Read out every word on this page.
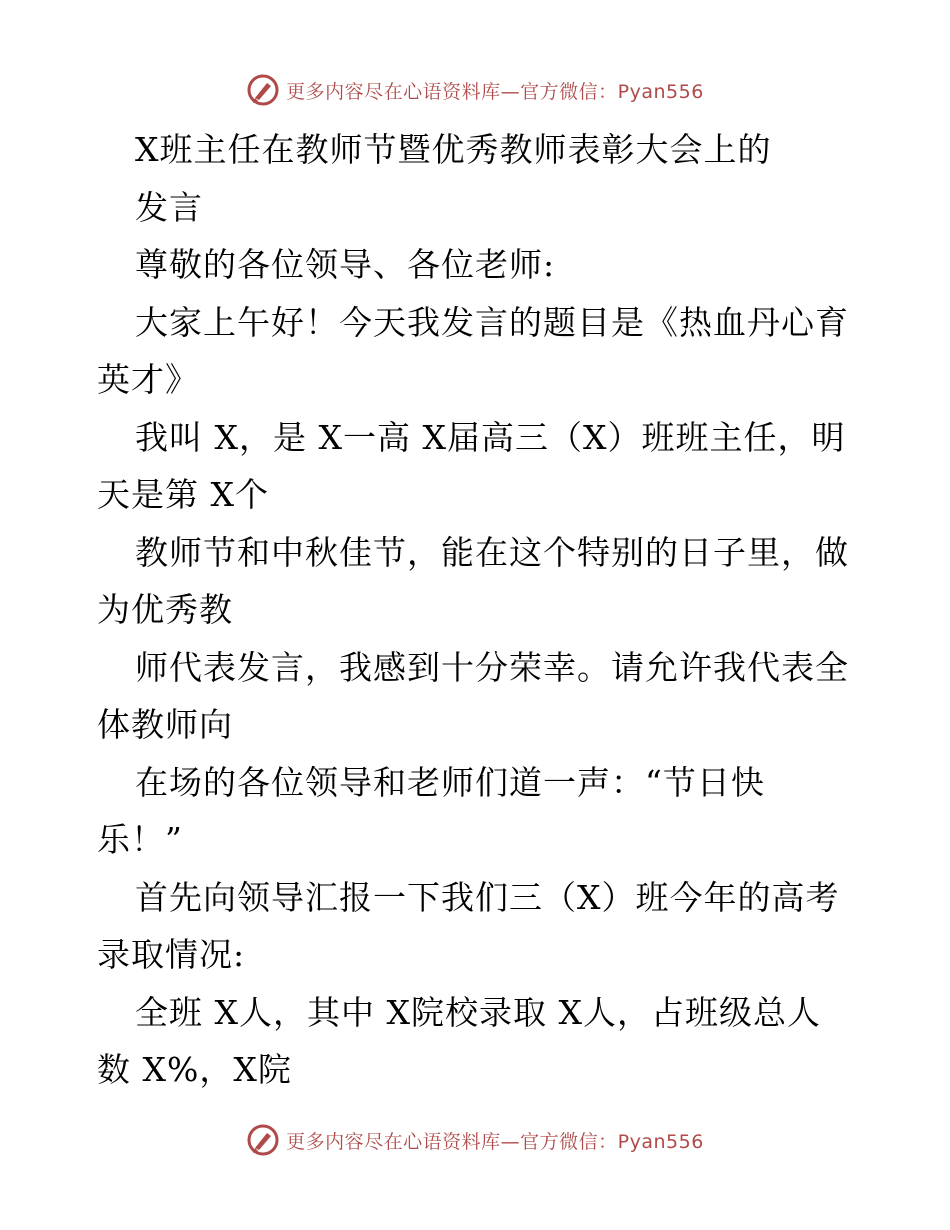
更多内容尽在心语资料库—官方微信：Pyan556
X班主任在教师节暨优秀教师表彰大会上的
发言
尊敬的各位领导、各位老师:
大家上午好！今天我发言的题目是《热血丹心育
英才》
我叫 X，是 X一高 X届高三（X）班班主任，明
天是第 X个
教师节和中秋佳节，能在这个特别的日子里，做
为优秀教
师代表发言，我感到十分荣幸。请允许我代表全
体教师向
在场的各位领导和老师们道一声：“节日快
乐！”
首先向领导汇报一下我们三（X）班今年的高考
录取情况:
全班 X人，其中 X院校录取 X人，占班级总人
数 X%，X院
更多内容尽在心语资料库—官方微信：Pyan556
